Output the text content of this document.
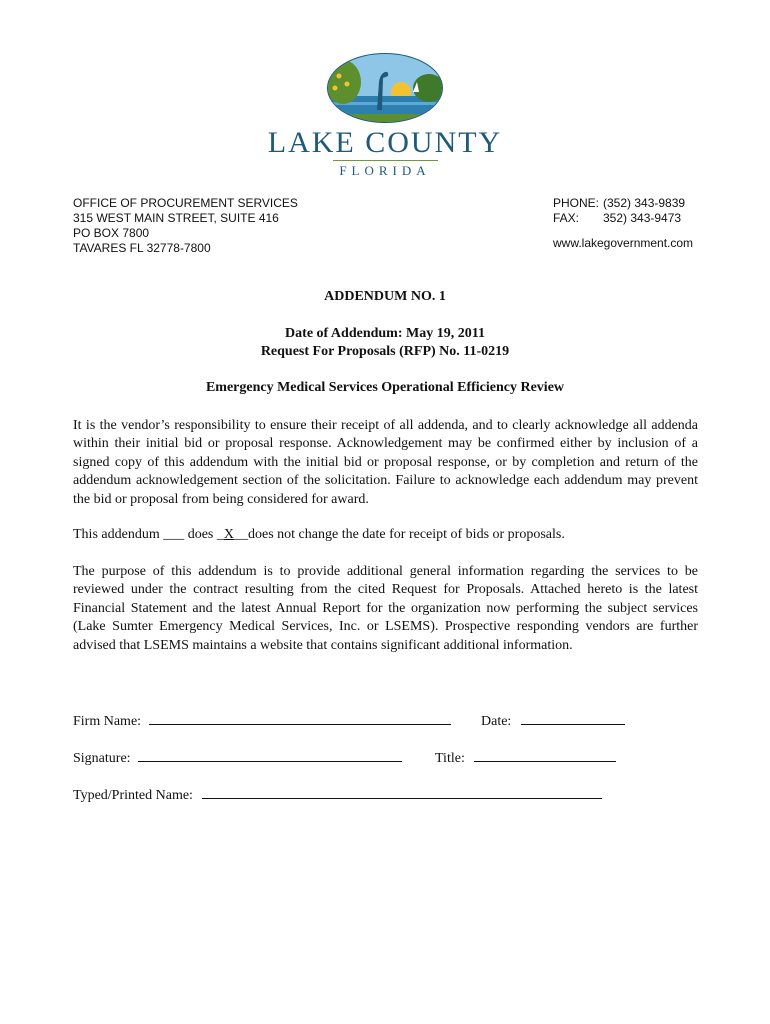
LAKE COUNTY
FLORIDA
OFFICE OF PROCUREMENT SERVICES
315 WEST MAIN STREET, SUITE 416
PO BOX 7800
TAVARES FL 32778-7800
PHONE: (352) 343-9839
FAX:	352) 343-9473
www.lakegovernment.com
ADDENDUM NO. 1
Date of Addendum: May 19, 2011
Request For Proposals (RFP) No. 11-0219
Emergency Medical Services Operational Efficiency Review
It is the vendor’s responsibility to ensure their receipt of all addenda, and to clearly acknowledge all addenda within their initial bid or proposal response. Acknowledgement may be confirmed either by inclusion of a signed copy of this addendum with the initial bid or proposal response, or by completion and return of the addendum acknowledgement section of the solicitation. Failure to acknowledge each addendum may prevent the bid or proposal from being considered for award.
This addendum ___ does _X__does not change the date for receipt of bids or proposals.
The purpose of this addendum is to provide additional general information regarding the services to be reviewed under the contract resulting from the cited Request for Proposals. Attached hereto is the latest Financial Statement and the latest Annual Report for the organization now performing the subject services (Lake Sumter Emergency Medical Services, Inc. or LSEMS). Prospective responding vendors are further advised that LSEMS maintains a website that contains significant additional information.
Firm Name:	Date:
Signature:	Title:
Typed/Printed Name:
